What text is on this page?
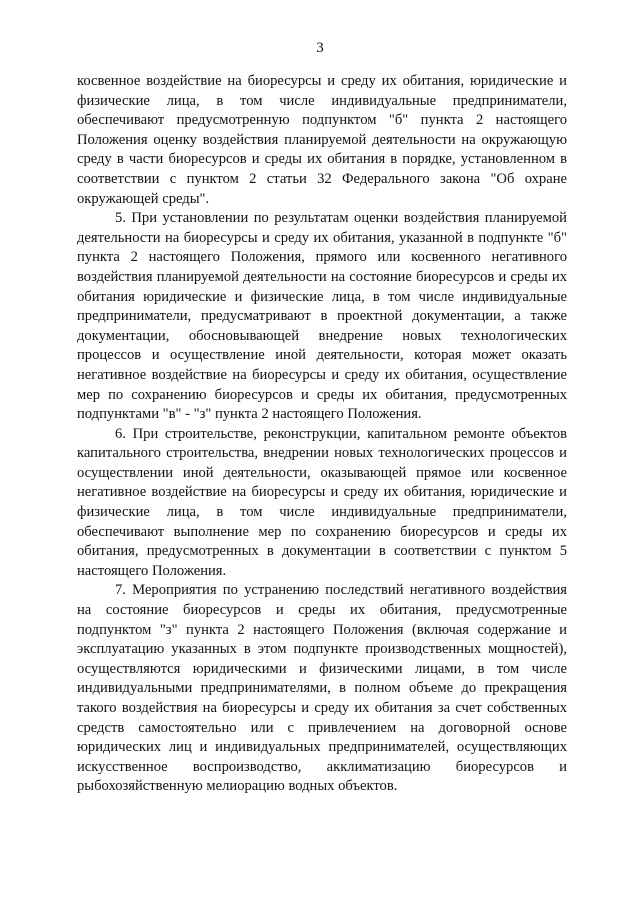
3

косвенное воздействие на биоресурсы и среду их обитания, юридические и физические лица, в том числе индивидуальные предприниматели, обеспечивают предусмотренную подпунктом "б" пункта 2 настоящего Положения оценку воздействия планируемой деятельности на окружающую среду в части биоресурсов и среды их обитания в порядке, установленном в соответствии с пунктом 2 статьи 32 Федерального закона "Об охране окружающей среды".

5. При установлении по результатам оценки воздействия планируемой деятельности на биоресурсы и среду их обитания, указанной в подпункте "б" пункта 2 настоящего Положения, прямого или косвенного негативного воздействия планируемой деятельности на состояние биоресурсов и среды их обитания юридические и физические лица, в том числе индивидуальные предприниматели, предусматривают в проектной документации, а также документации, обосновывающей внедрение новых технологических процессов и осуществление иной деятельности, которая может оказать негативное воздействие на биоресурсы и среду их обитания, осуществление мер по сохранению биоресурсов и среды их обитания, предусмотренных подпунктами "в" - "з" пункта 2 настоящего Положения.

6. При строительстве, реконструкции, капитальном ремонте объектов капитального строительства, внедрении новых технологических процессов и осуществлении иной деятельности, оказывающей прямое или косвенное негативное воздействие на биоресурсы и среду их обитания, юридические и физические лица, в том числе индивидуальные предприниматели, обеспечивают выполнение мер по сохранению биоресурсов и среды их обитания, предусмотренных в документации в соответствии с пунктом 5 настоящего Положения.

7. Мероприятия по устранению последствий негативного воздействия на состояние биоресурсов и среды их обитания, предусмотренные подпунктом "з" пункта 2 настоящего Положения (включая содержание и эксплуатацию указанных в этом подпункте производственных мощностей), осуществляются юридическими и физическими лицами, в том числе индивидуальными предпринимателями, в полном объеме до прекращения такого воздействия на биоресурсы и среду их обитания за счет собственных средств самостоятельно или с привлечением на договорной основе юридических лиц и индивидуальных предпринимателей, осуществляющих искусственное воспроизводство, акклиматизацию биоресурсов и рыбохозяйственную мелиорацию водных объектов.
